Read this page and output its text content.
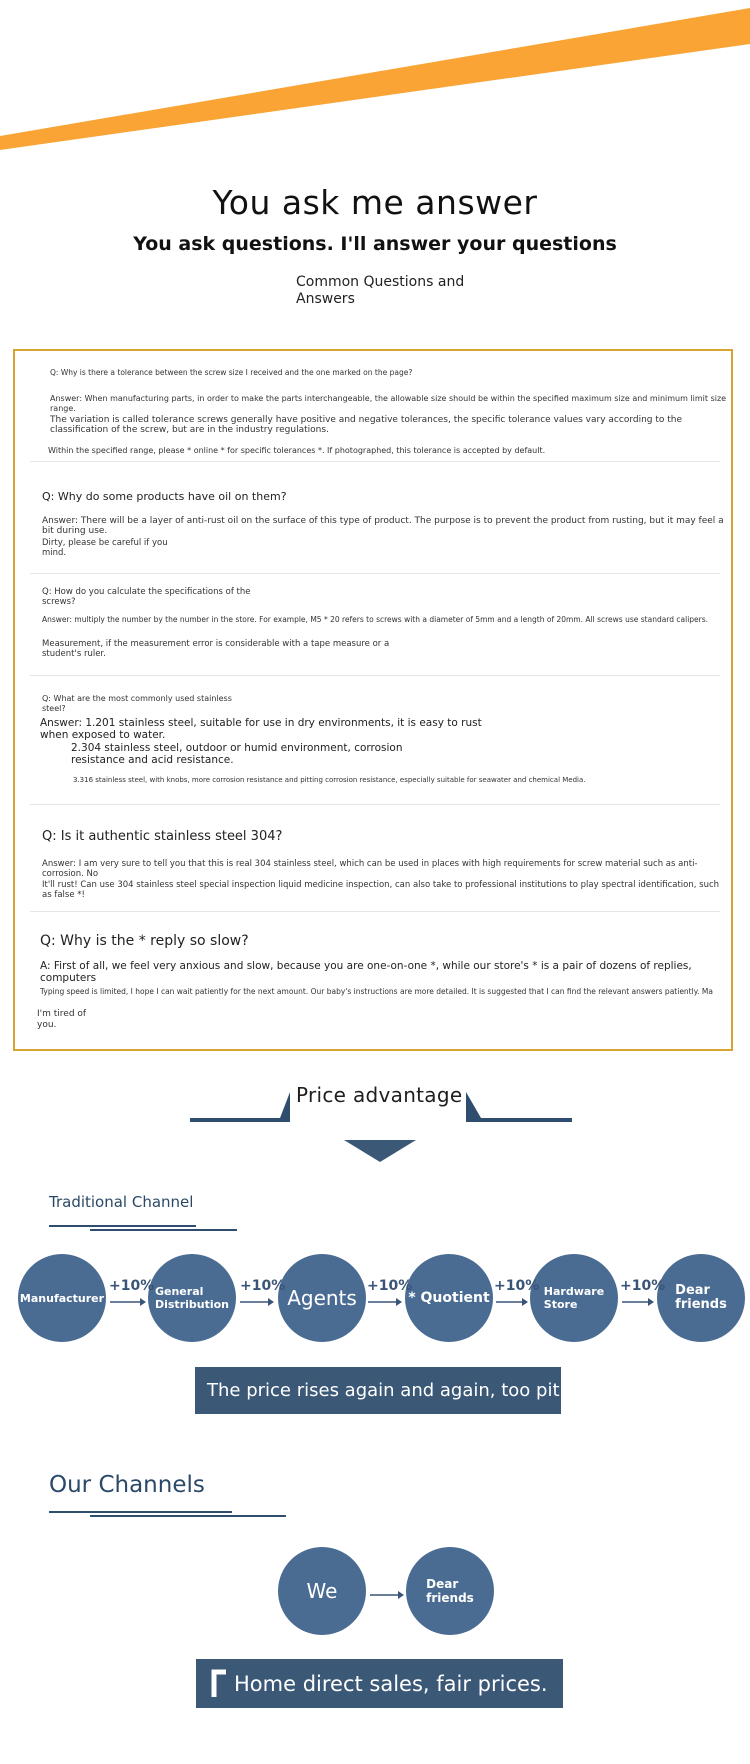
You ask me answer
You ask questions. I'll answer your questions
Common Questions and
Answers
Q: Why is there a tolerance between the screw size I received and the one marked on the page?
Answer: When manufacturing parts, in order to make the parts interchangeable, the allowable size should be within the specified maximum size and minimum limit size range.
The variation is called tolerance screws generally have positive and negative tolerances, the specific tolerance values vary according to the classification of the screw, but are in the industry regulations.
Within the specified range, please * online * for specific tolerances *. If photographed, this tolerance is accepted by default.
Q: Why do some products have oil on them?
Answer: There will be a layer of anti-rust oil on the surface of this type of product. The purpose is to prevent the product from rusting, but it may feel a bit during use.
Dirty, please be careful if you
mind.
Q: How do you calculate the specifications of the
screws?
Answer: multiply the number by the number in the store. For example, M5 * 20 refers to screws with a diameter of 5mm and a length of 20mm. All screws use standard calipers.
Measurement, if the measurement error is considerable with a tape measure or a
student's ruler.
Q: What are the most commonly used stainless
steel?
Answer: 1.201 stainless steel, suitable for use in dry environments, it is easy to rust
when exposed to water.
2.304 stainless steel, outdoor or humid environment, corrosion
resistance and acid resistance.
3.316 stainless steel, with knobs, more corrosion resistance and pitting corrosion resistance, especially suitable for seawater and chemical Media.
Q: Is it authentic stainless steel 304?
Answer: I am very sure to tell you that this is real 304 stainless steel, which can be used in places with high requirements for screw material such as anti-corrosion. No
It'll rust! Can use 304 stainless steel special inspection liquid medicine inspection, can also take to professional institutions to play spectral identification, such
as false *!
Q: Why is the * reply so slow?
A: First of all, we feel very anxious and slow, because you are one-on-one *, while our store's * is a pair of dozens of replies, computers
Typing speed is limited, I hope I can wait patiently for the next amount. Our baby's instructions are more detailed. It is suggested that I can find the relevant answers patiently. Ma
I'm tired of
you.
Price advantage
Traditional Channel
Manufacturer	General
Distribution	Agents	* Quotient	Hardware
Store
Dear
friends
+10%	+10%	+10%	+10%	+10%
The price rises again and again, too pit
Our Channels
We	Dear
friends
Home direct sales, fair prices.
